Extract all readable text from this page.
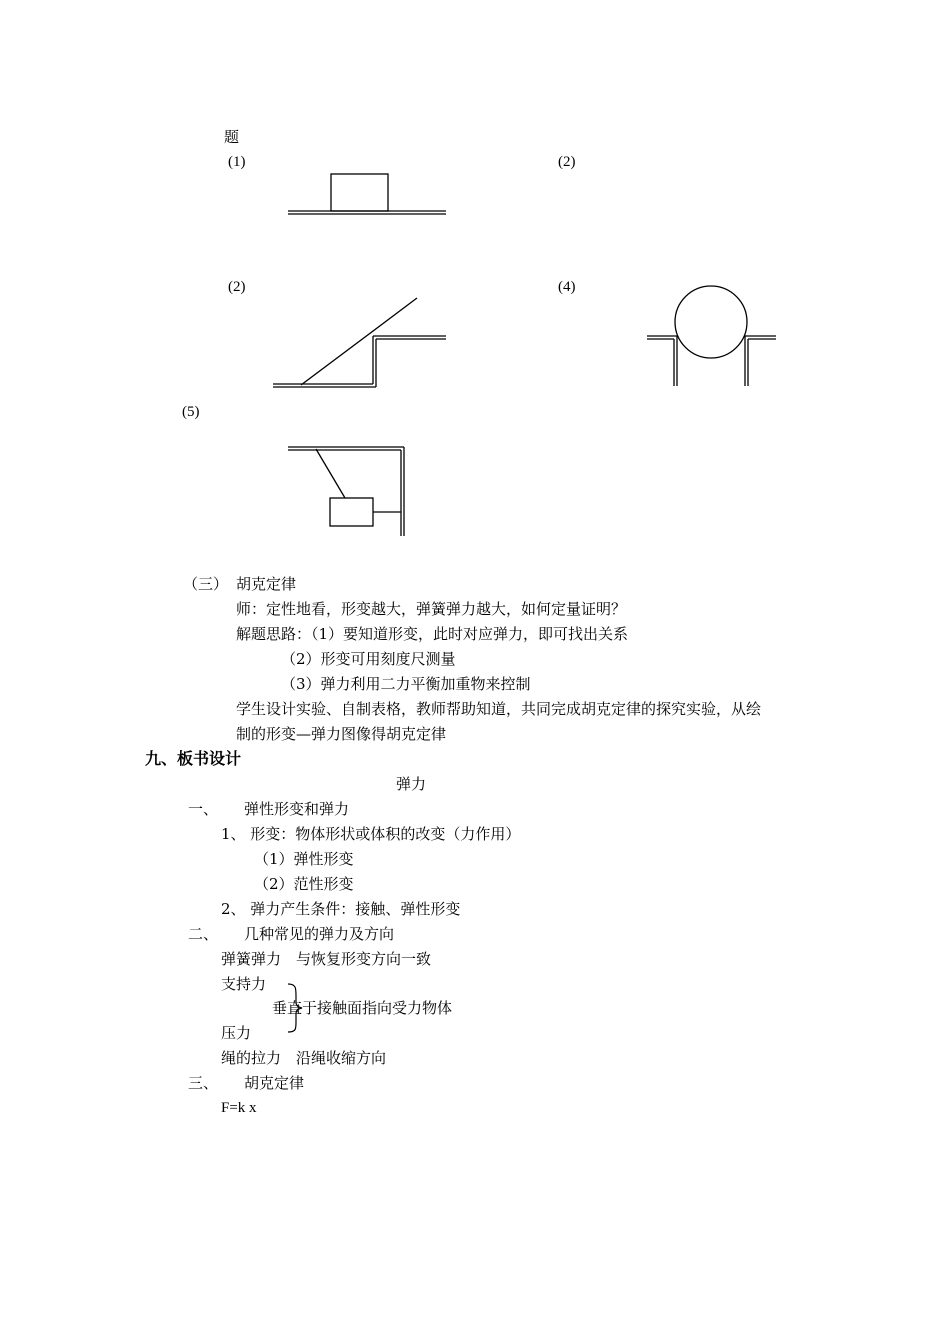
题
(1)	(2)
(2)	(4)
(5)
（三） 胡克定律
师：定性地看，形变越大，弹簧弹力越大，如何定量证明？
解题思路：（1）要知道形变，此时对应弹力，即可找出关系
（2）形变可用刻度尺测量
（3）弹力利用二力平衡加重物来控制
学生设计实验、自制表格，教师帮助知道，共同完成胡克定律的探究实验，从绘
制的形变—弹力图像得胡克定律
九、板书设计
弹力
一、 弹性形变和弹力
1、 形变：物体形状或体积的改变（力作用）
（1）弹性形变
（2）范性形变
2、 弹力产生条件：接触、弹性形变
二、 几种常见的弹力及方向
弹簧弹力　与恢复形变方向一致
支持力
垂直于接触面指向受力物体
压力
绳的拉力　沿绳收缩方向
三、 胡克定律
F=k x
